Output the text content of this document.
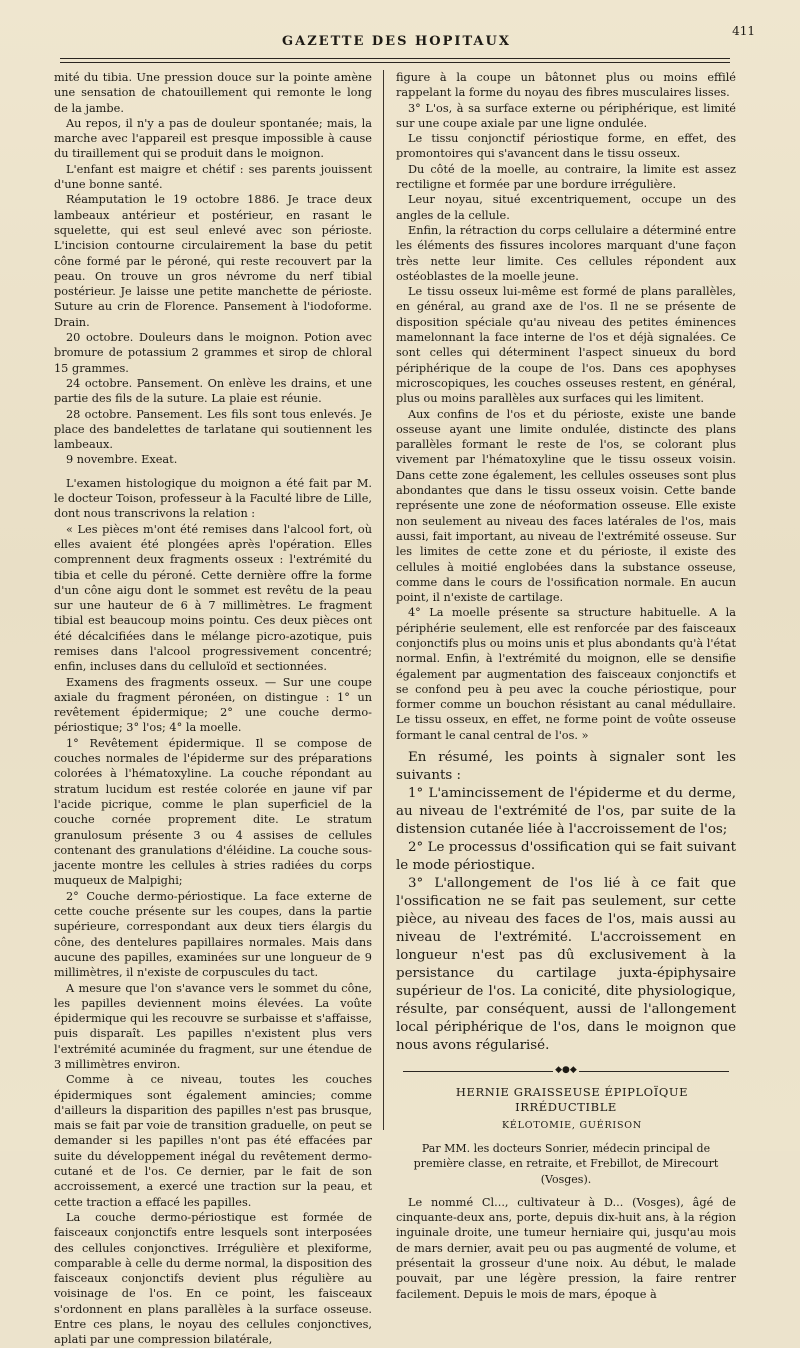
GAZETTE DES HOPITAUX
411

mité du tibia. Une pression douce sur la pointe amène une sensation de chatouillement qui remonte le long de la jambe.

Au repos, il n'y a pas de douleur spontanée; mais, la marche avec l'appareil est presque impossible à cause du tiraillement qui se produit dans le moignon.

L'enfant est maigre et chétif : ses parents jouissent d'une bonne santé.

Réamputation le 19 octobre 1886. Je trace deux lambeaux antérieur et postérieur, en rasant le squelette, qui est seul enlevé avec son périoste. L'incision contourne circulairement la base du petit cône formé par le péroné, qui reste recouvert par la peau. On trouve un gros névrome du nerf tibial postérieur. Je laisse une petite manchette de périoste. Suture au crin de Florence. Pansement à l'iodoforme. Drain.

20 octobre. Douleurs dans le moignon. Potion avec bromure de potassium 2 grammes et sirop de chloral 15 grammes.

24 octobre. Pansement. On enlève les drains, et une partie des fils de la suture. La plaie est réunie.

28 octobre. Pansement. Les fils sont tous enlevés. Je place des bandelettes de tarlatane qui soutiennent les lambeaux.

9 novembre. Exeat.

L'examen histologique du moignon a été fait par M. le docteur Toison, professeur à la Faculté libre de Lille, dont nous transcrivons la relation :

« Les pièces m'ont été remises dans l'alcool fort, où elles avaient été plongées après l'opération. Elles comprennent deux fragments osseux : l'extrémité du tibia et celle du péroné. Cette dernière offre la forme d'un cône aigu dont le sommet est revêtu de la peau sur une hauteur de 6 à 7 millimètres. Le fragment tibial est beaucoup moins pointu. Ces deux pièces ont été décalcifiées dans le mélange picro-azotique, puis remises dans l'alcool progressivement concentré; enfin, incluses dans du celluloïd et sectionnées.

Examens des fragments osseux. — Sur une coupe axiale du fragment péronéen, on distingue : 1° un revêtement épidermique; 2° une couche dermo-périostique; 3° l'os; 4° la moelle.

1° Revêtement épidermique. Il se compose de couches normales de l'épiderme sur des préparations colorées à l'hématoxyline. La couche répondant au stratum lucidum est restée colorée en jaune vif par l'acide picrique, comme le plan superficiel de la couche cornée proprement dite. Le stratum granulosum présente 3 ou 4 assises de cellules contenant des granulations d'éléidine. La couche sous-jacente montre les cellules à stries radiées du corps muqueux de Malpighi;

2° Couche dermo-périostique. La face externe de cette couche présente sur les coupes, dans la partie supérieure, correspondant aux deux tiers élargis du cône, des dentelures papillaires normales. Mais dans aucune des papilles, examinées sur une longueur de 9 millimètres, il n'existe de corpuscules du tact.

A mesure que l'on s'avance vers le sommet du cône, les papilles deviennent moins élevées. La voûte épidermique qui les recouvre se surbaisse et s'affaisse, puis disparaît. Les papilles n'existent plus vers l'extrémité acuminée du fragment, sur une étendue de 3 millimètres environ.

Comme à ce niveau, toutes les couches épidermiques sont également amincies; comme d'ailleurs la disparition des papilles n'est pas brusque, mais se fait par voie de transition graduelle, on peut se demander si les papilles n'ont pas été effacées par suite du développement inégal du revêtement dermo-cutané et de l'os. Ce dernier, par le fait de son accroissement, a exercé une traction sur la peau, et cette traction a effacé les papilles.

La couche dermo-périostique est formée de faisceaux conjonctifs entre lesquels sont interposées des cellules conjonctives. Irrégulière et plexiforme, comparable à celle du derme normal, la disposition des faisceaux conjonctifs devient plus régulière au voisinage de l'os. En ce point, les faisceaux s'ordonnent en plans parallèles à la surface osseuse. Entre ces plans, le noyau des cellules conjonctives, aplati par une compression bilatérale,

figure à la coupe un bâtonnet plus ou moins effilé rappelant la forme du noyau des fibres musculaires lisses.

3° L'os, à sa surface externe ou périphérique, est limité sur une coupe axiale par une ligne ondulée.

Le tissu conjonctif périostique forme, en effet, des promontoires qui s'avancent dans le tissu osseux.

Du côté de la moelle, au contraire, la limite est assez rectiligne et formée par une bordure irrégulière.

Leur noyau, situé excentriquement, occupe un des angles de la cellule.

Enfin, la rétraction du corps cellulaire a déterminé entre les éléments des fissures incolores marquant d'une façon très nette leur limite. Ces cellules répondent aux ostéoblastes de la moelle jeune.

Le tissu osseux lui-même est formé de plans parallèles, en général, au grand axe de l'os. Il ne se présente de disposition spéciale qu'au niveau des petites éminences mamelonnant la face interne de l'os et déjà signalées. Ce sont celles qui déterminent l'aspect sinueux du bord périphérique de la coupe de l'os. Dans ces apophyses microscopiques, les couches osseuses restent, en général, plus ou moins parallèles aux surfaces qui les limitent.

Aux confins de l'os et du périoste, existe une bande osseuse ayant une limite ondulée, distincte des plans parallèles formant le reste de l'os, se colorant plus vivement par l'hématoxyline que le tissu osseux voisin. Dans cette zone également, les cellules osseuses sont plus abondantes que dans le tissu osseux voisin. Cette bande représente une zone de néoformation osseuse. Elle existe non seulement au niveau des faces latérales de l'os, mais aussi, fait important, au niveau de l'extrémité osseuse. Sur les limites de cette zone et du périoste, il existe des cellules à moitié englobées dans la substance osseuse, comme dans le cours de l'ossification normale. En aucun point, il n'existe de cartilage.

4° La moelle présente sa structure habituelle. A la périphérie seulement, elle est renforcée par des faisceaux conjonctifs plus ou moins unis et plus abondants qu'à l'état normal. Enfin, à l'extrémité du moignon, elle se densifie également par augmentation des faisceaux conjonctifs et se confond peu à peu avec la couche périostique, pour former comme un bouchon résistant au canal médullaire. Le tissu osseux, en effet, ne forme point de voûte osseuse formant le canal central de l'os. »

En résumé, les points à signaler sont les suivants :

1° L'amincissement de l'épiderme et du derme, au niveau de l'extrémité de l'os, par suite de la distension cutanée liée à l'accroissement de l'os;

2° Le processus d'ossification qui se fait suivant le mode périostique.

3° L'allongement de l'os lié à ce fait que l'ossification ne se fait pas seulement, sur cette pièce, au niveau des faces de l'os, mais aussi au niveau de l'extrémité. L'accroissement en longueur n'est pas dû exclusivement à la persistance du cartilage juxta-épiphysaire supérieur de l'os. La conicité, dite physiologique, résulte, par conséquent, aussi de l'allongement local périphérique de l'os, dans le moignon que nous avons régularisé.

◆●◆

HERNIE GRAISSEUSE ÉPIPLOÏQUE IRRÉDUCTIBLE

KÉLOTOMIE, GUÉRISON

Par MM. les docteurs Sonrier, médecin principal de première classe, en retraite, et Frebillot, de Mirecourt (Vosges).

Le nommé Cl..., cultivateur à D... (Vosges), âgé de cinquante-deux ans, porte, depuis dix-huit ans, à la région inguinale droite, une tumeur herniaire qui, jusqu'au mois de mars dernier, avait peu ou pas augmenté de volume, et présentait la grosseur d'une noix. Au début, le malade pouvait, par une légère pression, la faire rentrer facilement. Depuis le mois de mars, époque à
